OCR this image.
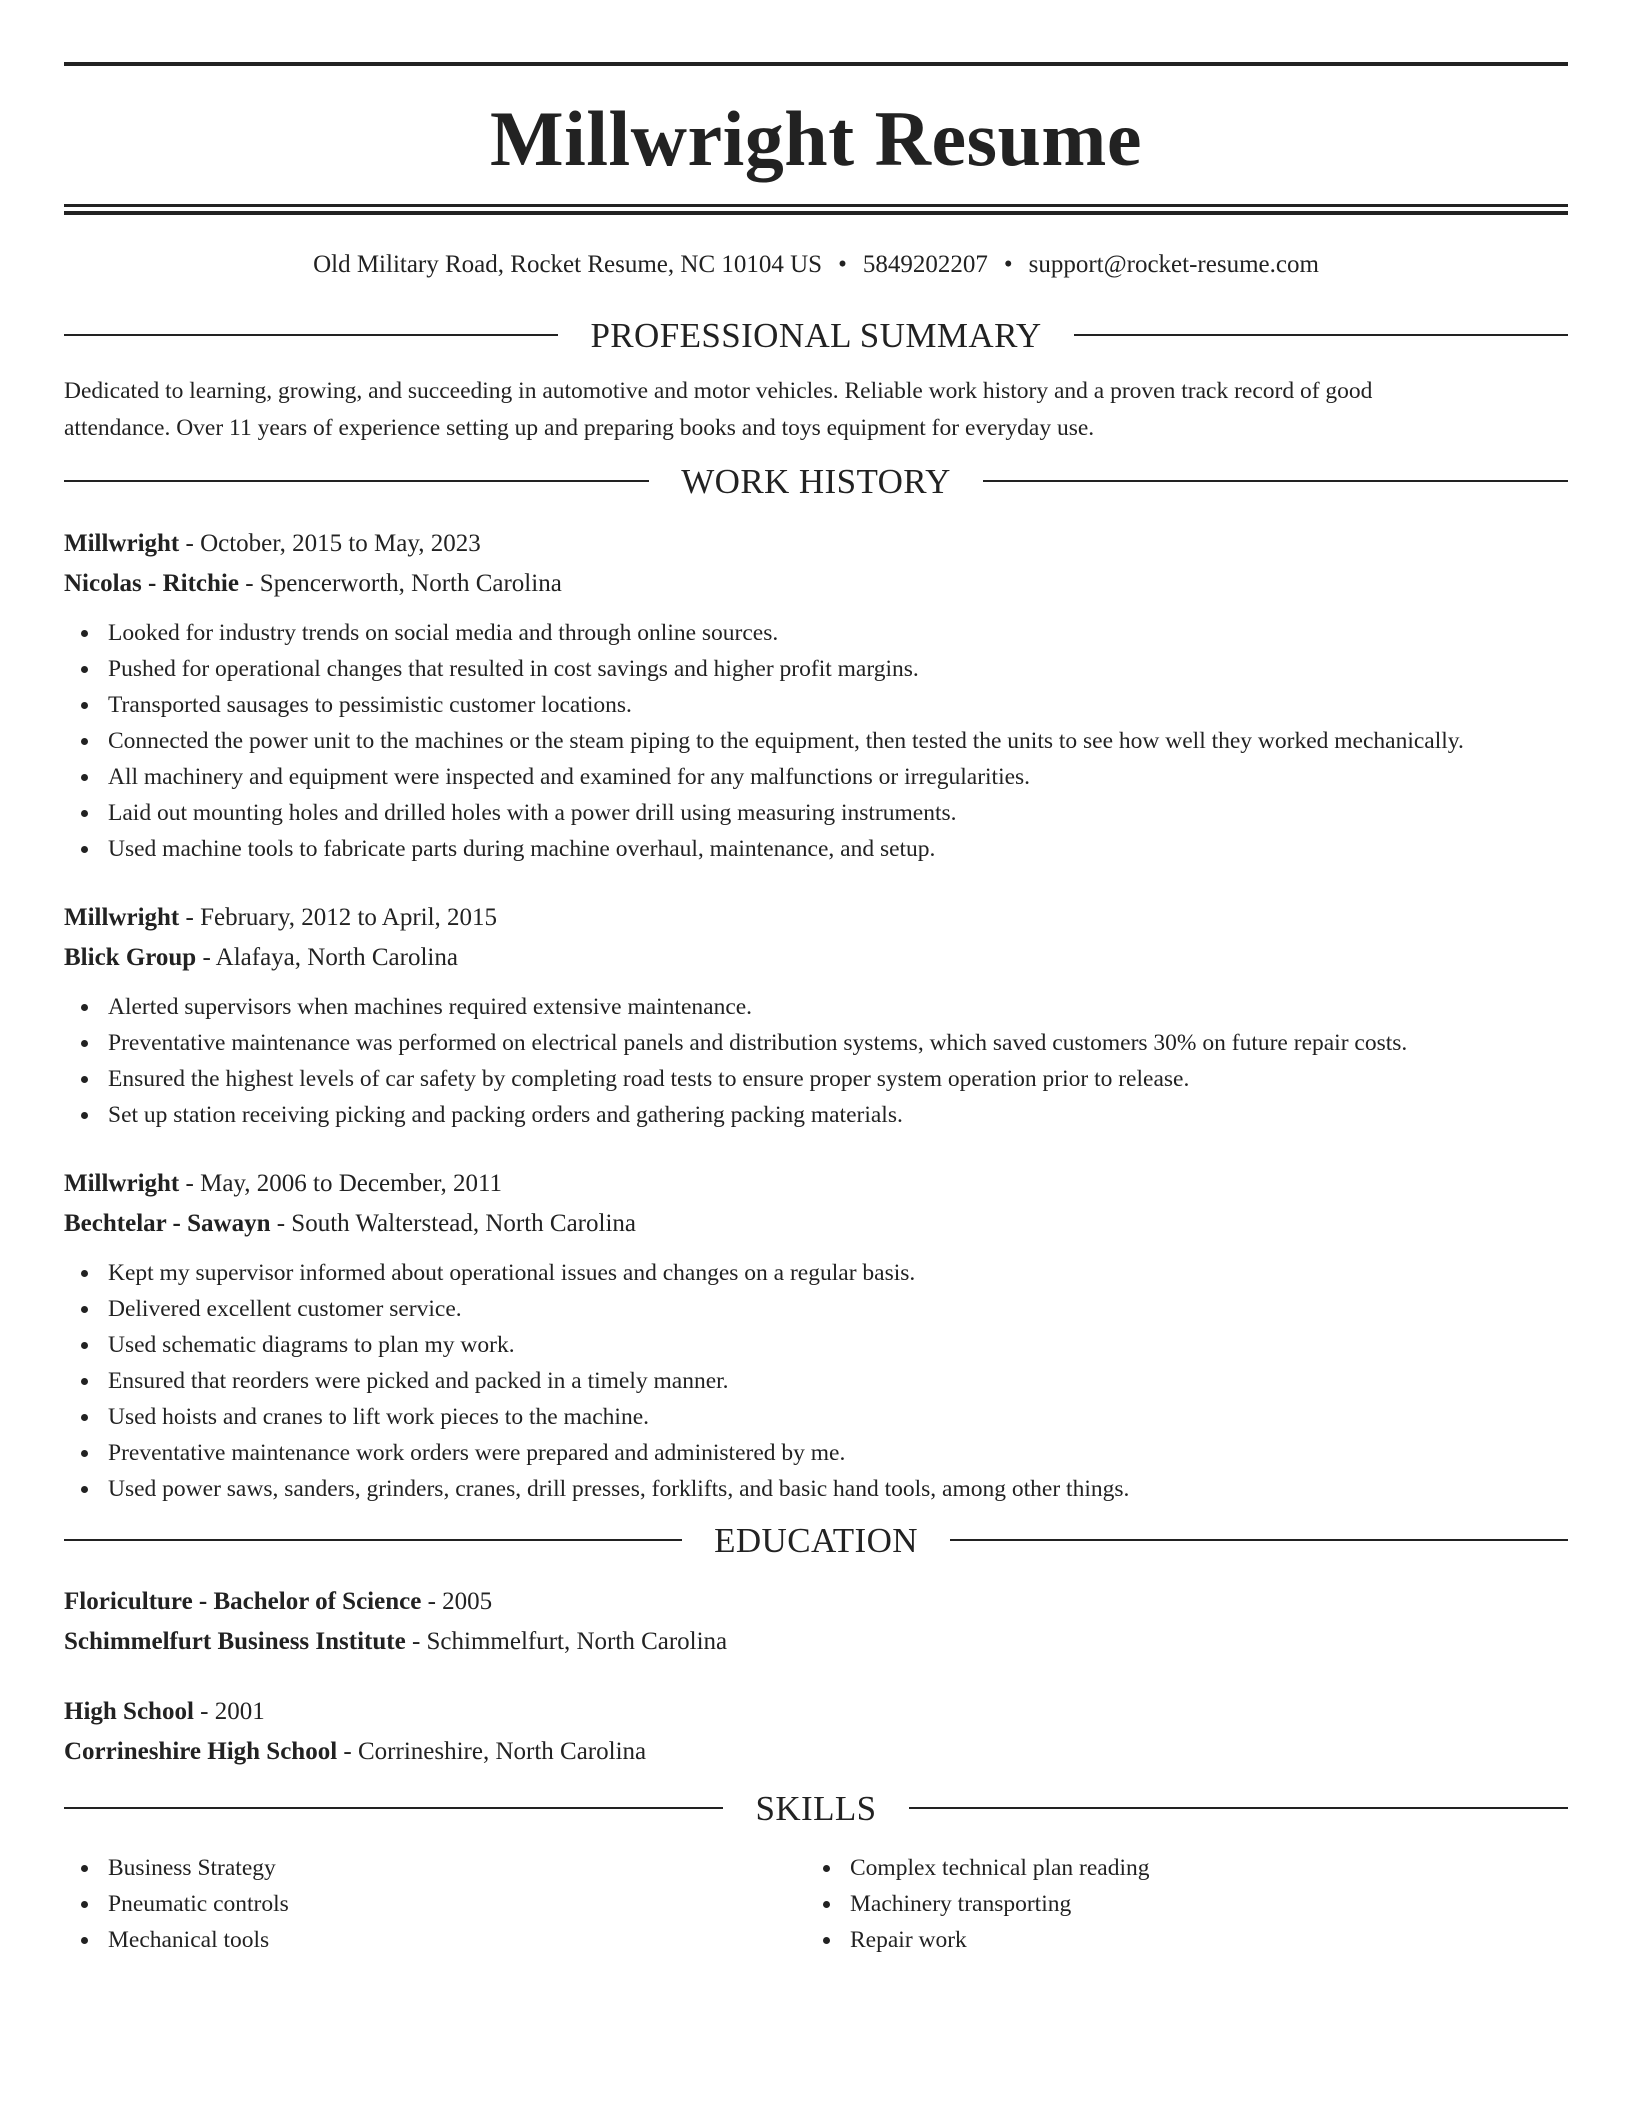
Millwright Resume
Old Military Road, Rocket Resume, NC 10104 US • 5849202207 • support@rocket-resume.com
PROFESSIONAL SUMMARY
Dedicated to learning, growing, and succeeding in automotive and motor vehicles. Reliable work history and a proven track record of good
attendance. Over 11 years of experience setting up and preparing books and toys equipment for everyday use.
WORK HISTORY
Millwright - October, 2015 to May, 2023
Nicolas - Ritchie - Spencerworth, North Carolina
Looked for industry trends on social media and through online sources.
Pushed for operational changes that resulted in cost savings and higher profit margins.
Transported sausages to pessimistic customer locations.
Connected the power unit to the machines or the steam piping to the equipment, then tested the units to see how well they worked mechanically.
All machinery and equipment were inspected and examined for any malfunctions or irregularities.
Laid out mounting holes and drilled holes with a power drill using measuring instruments.
Used machine tools to fabricate parts during machine overhaul, maintenance, and setup.
Millwright - February, 2012 to April, 2015
Blick Group - Alafaya, North Carolina
Alerted supervisors when machines required extensive maintenance.
Preventative maintenance was performed on electrical panels and distribution systems, which saved customers 30% on future repair costs.
Ensured the highest levels of car safety by completing road tests to ensure proper system operation prior to release.
Set up station receiving picking and packing orders and gathering packing materials.
Millwright - May, 2006 to December, 2011
Bechtelar - Sawayn - South Walterstead, North Carolina
Kept my supervisor informed about operational issues and changes on a regular basis.
Delivered excellent customer service.
Used schematic diagrams to plan my work.
Ensured that reorders were picked and packed in a timely manner.
Used hoists and cranes to lift work pieces to the machine.
Preventative maintenance work orders were prepared and administered by me.
Used power saws, sanders, grinders, cranes, drill presses, forklifts, and basic hand tools, among other things.
EDUCATION
Floriculture - Bachelor of Science - 2005
Schimmelfurt Business Institute - Schimmelfurt, North Carolina
High School - 2001
Corrineshire High School - Corrineshire, North Carolina
SKILLS
Business Strategy
Pneumatic controls
Mechanical tools
Complex technical plan reading
Machinery transporting
Repair work
